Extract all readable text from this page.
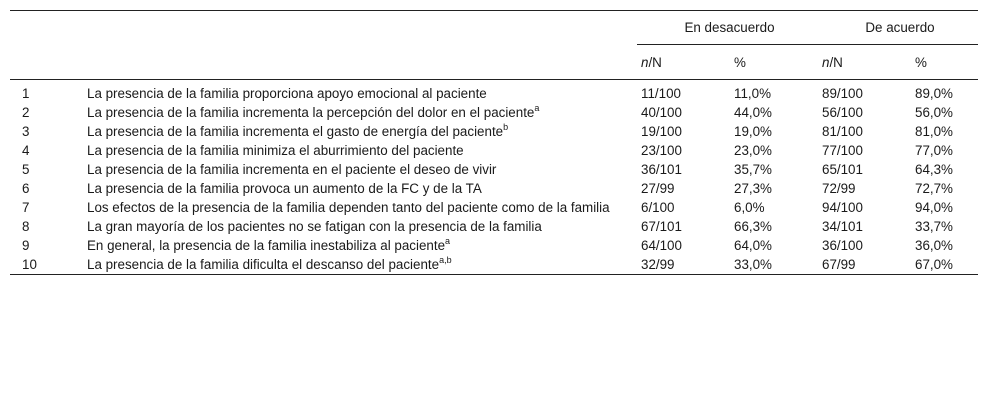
		En desacuerdo		De acuerdo	
		n/N	%	n/N	%
1	La presencia de la familia proporciona apoyo emocional al paciente	11/100	11,0%	89/100	89,0%
2	La presencia de la familia incrementa la percepción del dolor en el paciente$^a$	40/100	44,0%	56/100	56,0%
3	La presencia de la familia incrementa el gasto de energía del paciente$^b$	19/100	19,0%	81/100	81,0%
4	La presencia de la familia minimiza el aburrimiento del paciente	23/100	23,0%	77/100	77,0%
5	La presencia de la familia incrementa en el paciente el deseo de vivir	36/101	35,7%	65/101	64,3%
6	La presencia de la familia provoca un aumento de la FC y de la TA	27/99	27,3%	72/99	72,7%
7	Los efectos de la presencia de la familia dependen tanto del paciente como de la familia	6/100	6,0%	94/100	94,0%
8	La gran mayoría de los pacientes no se fatigan con la presencia de la familia	67/101	66,3%	34/101	33,7%
9	En general, la presencia de la familia inestabiliza al paciente$^a$	64/100	64,0%	36/100	36,0%
10	La presencia de la familia dificulta el descanso del paciente$^{a,b}$	32/99	33,0%	67/99	67,0%
